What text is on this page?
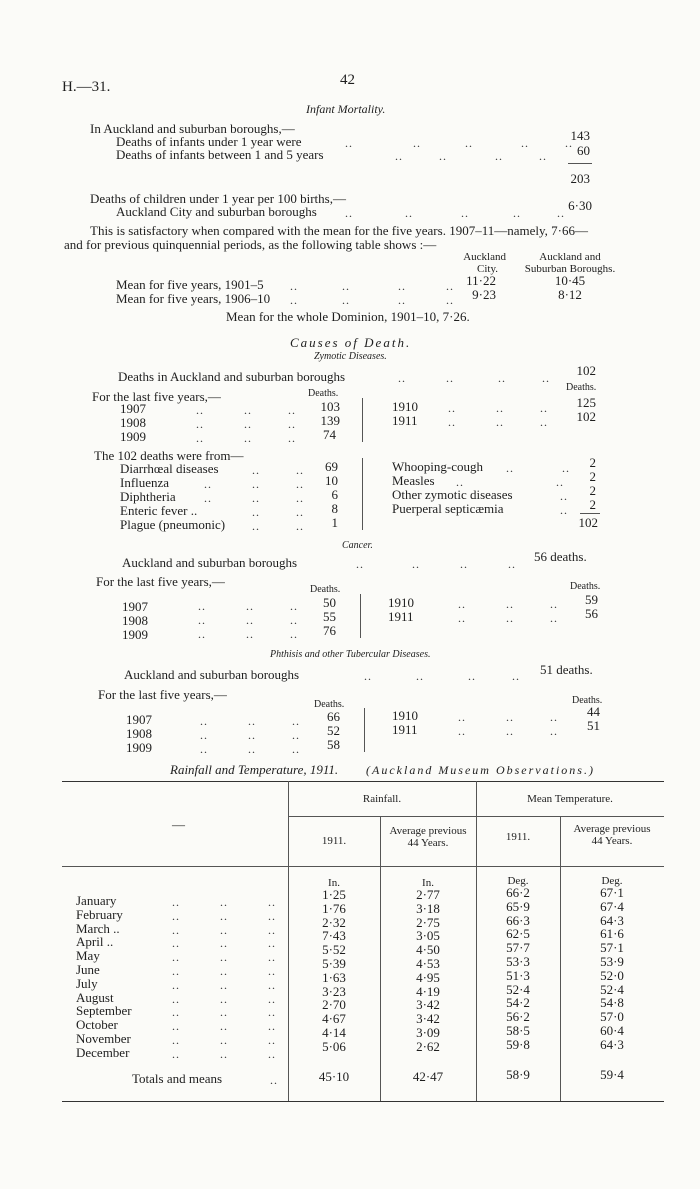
H.—31.	42
Infant Mortality.
In Auckland and suburban boroughs,—
Deaths of infants under 1 year were	..               ..           ..            ..         ..
143
Deaths of infants between 1 and 5 years	..         ..            ..         ..	60
203
Deaths of children under 1 year per 100 births,—
Auckland City and suburban boroughs ..             ..            ..           ..         .. 6·30
This is satisfactory when compared with the mean for the five years. 1907–11—namely, 7·66—
and for previous quinquennial periods, as the following table shows :—
Auckland
City.
Auckland and
Suburban Boroughs.
Mean for five years, 1901–5 ..           ..            ..          .. 11·22	10·45
Mean for five years, 1906–10 ..           ..            ..          ..	9·23	8·12
Mean for the whole Dominion, 1901–10, 7·26.
Causes of Death.
Zymotic Diseases.
Deaths in Auckland and suburban boroughs	..          ..           ..         ..	102
For the last five years,—	Deaths.
Deaths.
1907	..          ..         ..	103
1908	..          ..         ..	139
1909	..          ..         ..	74
1910	..          ..         ..	125
1911	..          ..         ..	102
The 102 deaths were from—
Diarrhœal diseases	..         ..	69
Influenza	..          ..         ..	10
Diphtheria ..          ..         ..	6
Enteric fever ..	..         ..	8
Plague (pneumonic) ..         ..	1
Whooping-cough ..            ..	2
Measles ..                       ..	2
Other zymotic diseases	..	2
Puerperal septicæmia	..	2
102
Cancer.
Auckland and suburban boroughs	..            ..          ..          .. 56 deaths.
For the last five years,—
Deaths.	Deaths.
1907	..          ..         ..	50
1908	..          ..         ..	55
1909	..          ..         ..	76
1910	..          ..         ..	59
1911	..          ..         ..	56
Phthisis and other Tubercular Diseases.
Auckland and suburban boroughs	..           ..           ..         .. 51 deaths.
For the last five years,—
Deaths.	Deaths.
1907	..          ..         ..	66
1908	..          ..         ..	52
1909	..          ..         ..	58
1910	..          ..         ..	44
1911	..          ..         ..	51
Rainfall and Temperature, 1911. (Auckland Museum Observations.)
—
Rainfall.	Mean Temperature.
1911.
Average previous
44 Years.	1911.
Average previous
44 Years.
In.	In.	Deg.	Deg.
January	..          ..          ..	1·25	2·77	66·2	67·1
February	..          ..          ..	1·76	3·18	65·9	67·4
March ..	..          ..          ..	2·32	2·75	66·3	64·3
April ..	..          ..          ..	7·43	3·05	62·5	61·6
May	..          ..          ..	5·52	4·50	57·7	57·1
June	..          ..          ..	5·39	4·53	53·3	53·9
July	..          ..          ..	1·63	4·95	51·3	52·0
August	..          ..          ..	3·23	4·19	52·4	52·4
September	..          ..          ..	2·70	3·42	54·2	54·8
October	..          ..          ..	4·67	3·42	56·2	57·0
November	..          ..          ..	4·14	3·09	58·5	60·4
December	..          ..          ..	5·06	2·62	59·8	64·3
Totals and means	..	45·10	42·47	58·9	59·4
